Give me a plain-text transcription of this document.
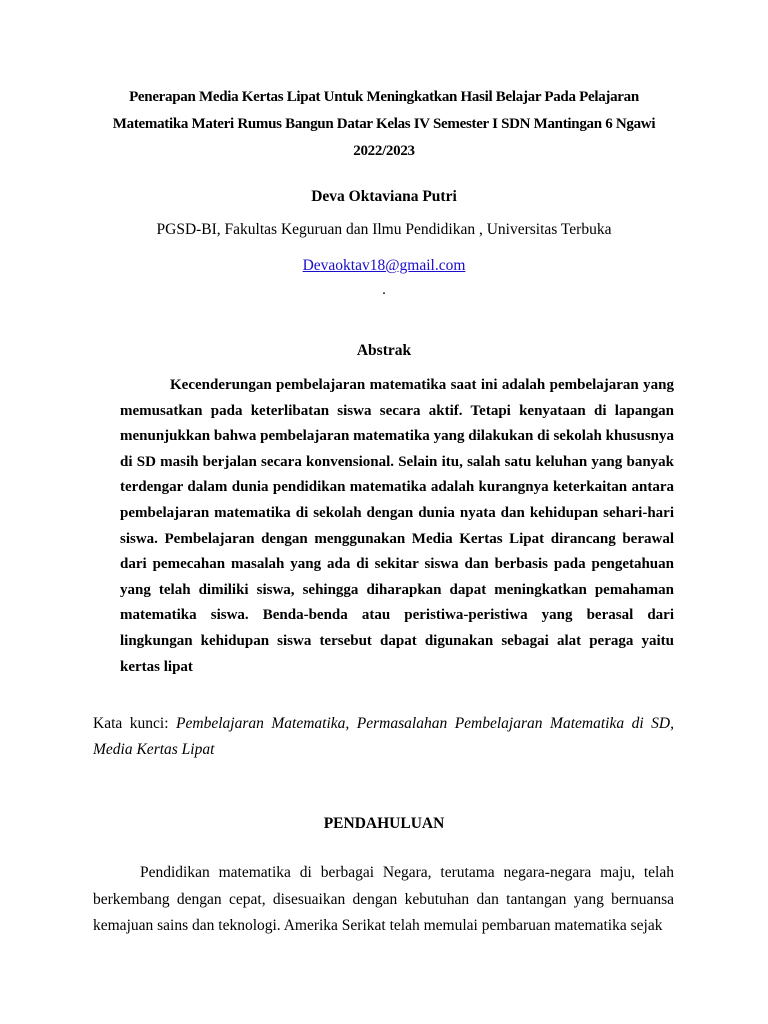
Penerapan Media Kertas Lipat Untuk Meningkatkan Hasil Belajar Pada Pelajaran
Matematika Materi Rumus Bangun Datar Kelas IV Semester I SDN Mantingan 6 Ngawi
2022/2023
Deva Oktaviana Putri
PGSD-BI, Fakultas Keguruan dan Ilmu Pendidikan , Universitas Terbuka
Devaoktav18@gmail.com
.
Abstrak

Kecenderungan pembelajaran matematika saat ini adalah pembelajaran yang memusatkan pada keterlibatan siswa secara aktif. Tetapi kenyataan di lapangan menunjukkan bahwa pembelajaran matematika yang dilakukan di sekolah khususnya di SD masih berjalan secara konvensional. Selain itu, salah satu keluhan yang banyak terdengar dalam dunia pendidikan matematika adalah kurangnya keterkaitan antara pembelajaran matematika di sekolah dengan dunia nyata dan kehidupan sehari-hari siswa. Pembelajaran dengan menggunakan Media Kertas Lipat dirancang berawal dari pemecahan masalah yang ada di sekitar siswa dan berbasis pada pengetahuan yang telah dimiliki siswa, sehingga diharapkan dapat meningkatkan pemahaman matematika siswa. Benda-benda atau peristiwa-peristiwa yang berasal dari lingkungan kehidupan siswa tersebut dapat digunakan sebagai alat peraga yaitu kertas lipat

Kata kunci: Pembelajaran Matematika, Permasalahan Pembelajaran Matematika di SD, Media Kertas Lipat

PENDAHULUAN

Pendidikan matematika di berbagai Negara, terutama negara-negara maju, telah berkembang dengan cepat, disesuaikan dengan kebutuhan dan tantangan yang bernuansa kemajuan sains dan teknologi. Amerika Serikat telah memulai pembaruan matematika sejak
